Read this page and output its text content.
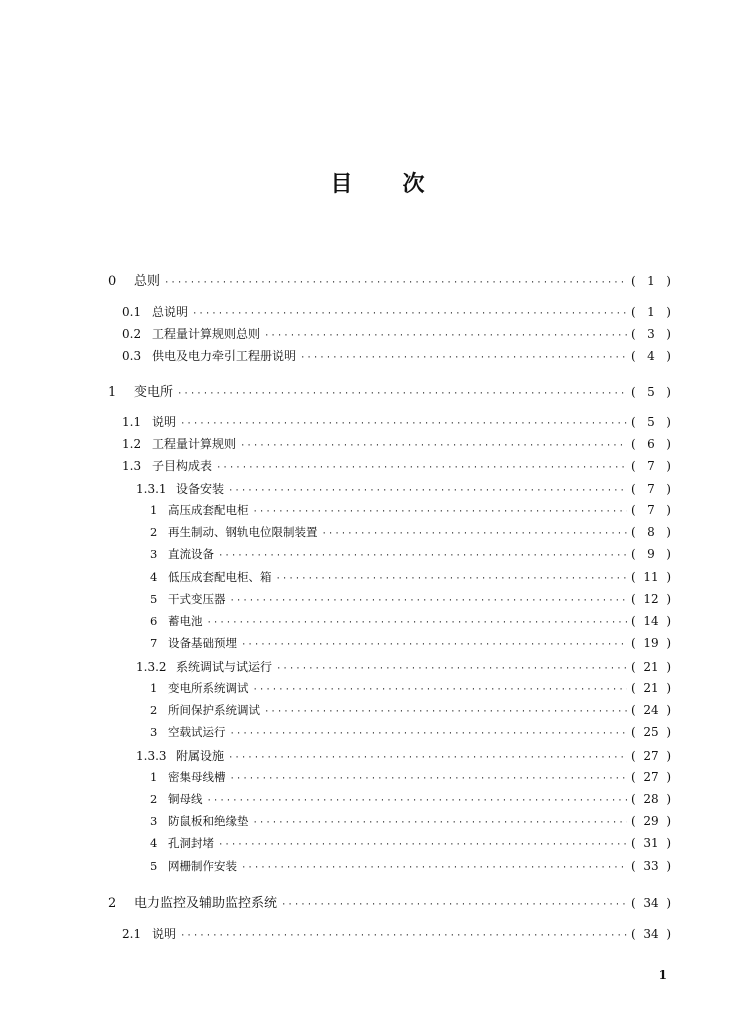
目 次
0	总则 ·····	( 1 )
0.1 总说明 ·····	( 1 )
0.2 工程量计算规则总则 ·····	( 3 )
0.3 供电及电力牵引工程册说明 ·····	( 4 )
1	变电所 ·····	( 5 )
1.1 说明 ·····	( 5 )
1.2 工程量计算规则 ·····	( 6 )
1.3 子目构成表 ·····	( 7 )
1.3.1 设备安装 ·····	( 7 )
1 高压成套配电柜 ·····	( 7 )
2 再生制动、钢轨电位限制装置 ·····	( 8 )
3 直流设备 ·····	( 9 )
4 低压成套配电柜、箱 ·····	( 11 )
5 干式变压器 ·····	( 12 )
6 蓄电池 ·····	( 14 )
7 设备基础预埋 ·····	( 19 )
1.3.2 系统调试与试运行 ·····	( 21 )
1 变电所系统调试 ·····	( 21 )
2 所间保护系统调试 ·····	( 24 )
3 空载试运行 ·····	( 25 )
1.3.3 附属设施 ·····	( 27 )
1 密集母线槽 ·····	( 27 )
2 铜母线 ·····	( 28 )
3 防鼠板和绝缘垫 ·····	( 29 )
4 孔洞封堵 ·····	( 31 )
5 网栅制作安装 ·····	( 33 )
2	电力监控及辅助监控系统 ·····	( 34 )
2.1 说明 ·····	( 34 )
1
